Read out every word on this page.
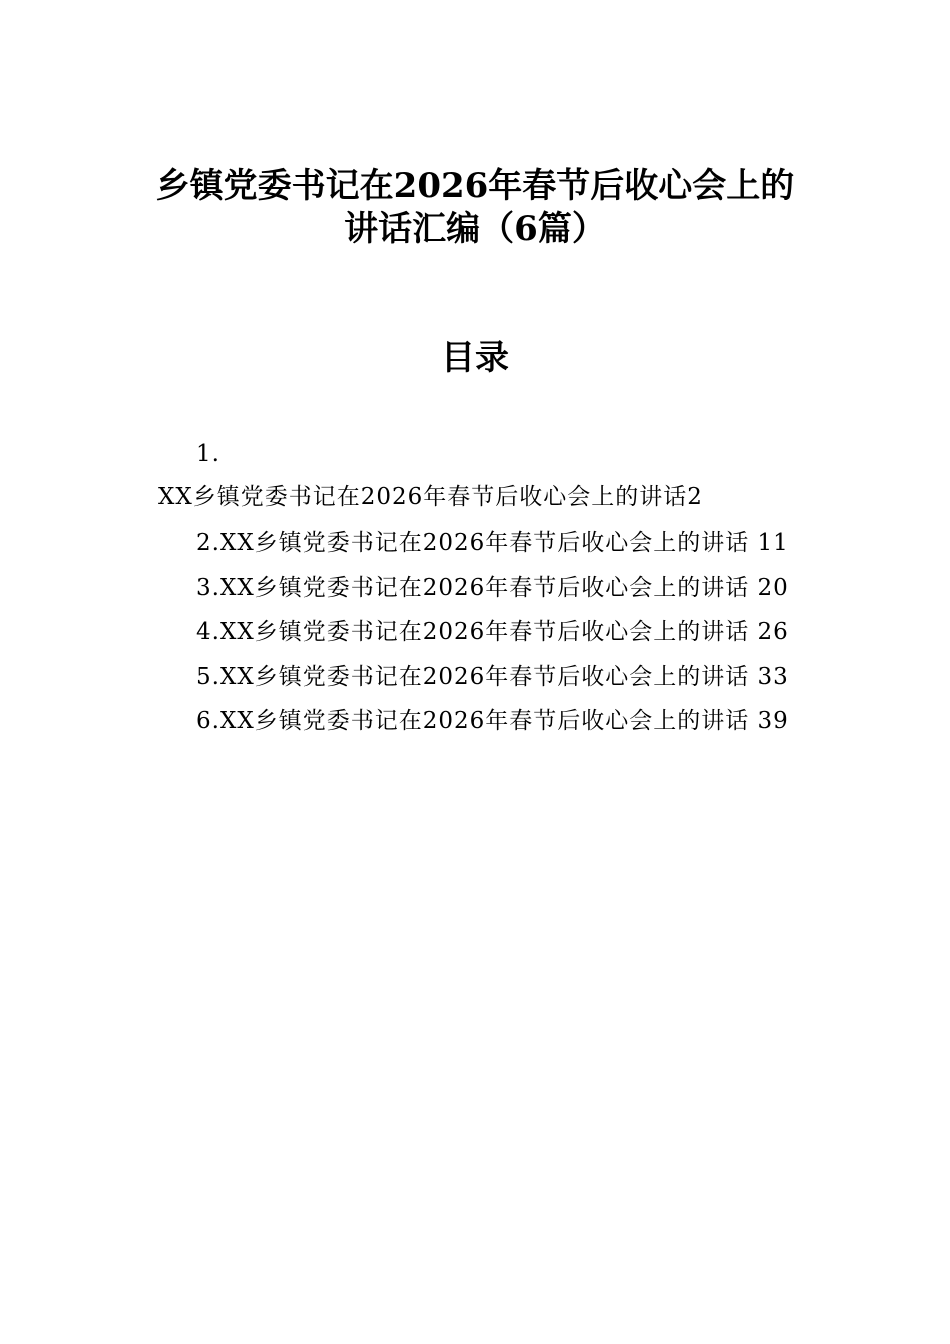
乡镇党委书记在2026年春节后收心会上的
讲话汇编（6篇）
目录
1.
XX乡镇党委书记在2026年春节后收心会上的讲话2
2.XX乡镇党委书记在2026年春节后收心会上的讲话 11
3.XX乡镇党委书记在2026年春节后收心会上的讲话 20
4.XX乡镇党委书记在2026年春节后收心会上的讲话 26
5.XX乡镇党委书记在2026年春节后收心会上的讲话 33
6.XX乡镇党委书记在2026年春节后收心会上的讲话 39
